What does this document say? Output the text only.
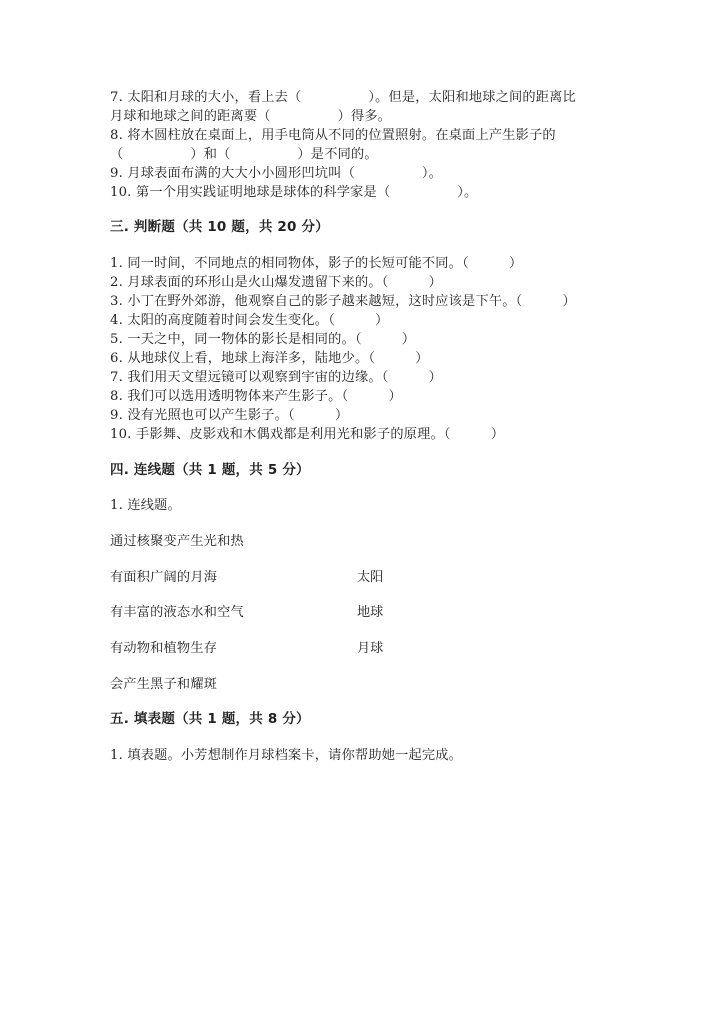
7. 太阳和月球的大小，看上去（　　　　　）。但是，太阳和地球之间的距离比
月球和地球之间的距离要（　　　　　）得多。
8. 将木圆柱放在桌面上，用手电筒从不同的位置照射。在桌面上产生影子的
（　　　　　）和（　　　　　）是不同的。
9. 月球表面布满的大大小小圆形凹坑叫（　　　　　）。
10. 第一个用实践证明地球是球体的科学家是（　　　　　）。
三. 判断题（共 10 题，共 20 分）
1. 同一时间，不同地点的相同物体，影子的长短可能不同。（　　　）
2. 月球表面的环形山是火山爆发遗留下来的。（　　　）
3. 小丁在野外郊游，他观察自己的影子越来越短，这时应该是下午。（　　　）
4. 太阳的高度随着时间会发生变化。（　　　）
5. 一天之中，同一物体的影长是相同的。（　　　）
6. 从地球仪上看，地球上海洋多，陆地少。（　　　）
7. 我们用天文望远镜可以观察到宇宙的边缘。（　　　）
8. 我们可以选用透明物体来产生影子。（　　　）
9. 没有光照也可以产生影子。（　　　）
10. 手影舞、皮影戏和木偶戏都是利用光和影子的原理。（　　　）
四. 连线题（共 1 题，共 5 分）
1. 连线题。
通过核聚变产生光和热
有面积广阔的月海	太阳
有丰富的液态水和空气	地球
有动物和植物生存	月球
会产生黑子和耀斑
五. 填表题（共 1 题，共 8 分）
1. 填表题。小芳想制作月球档案卡，请你帮助她一起完成。
